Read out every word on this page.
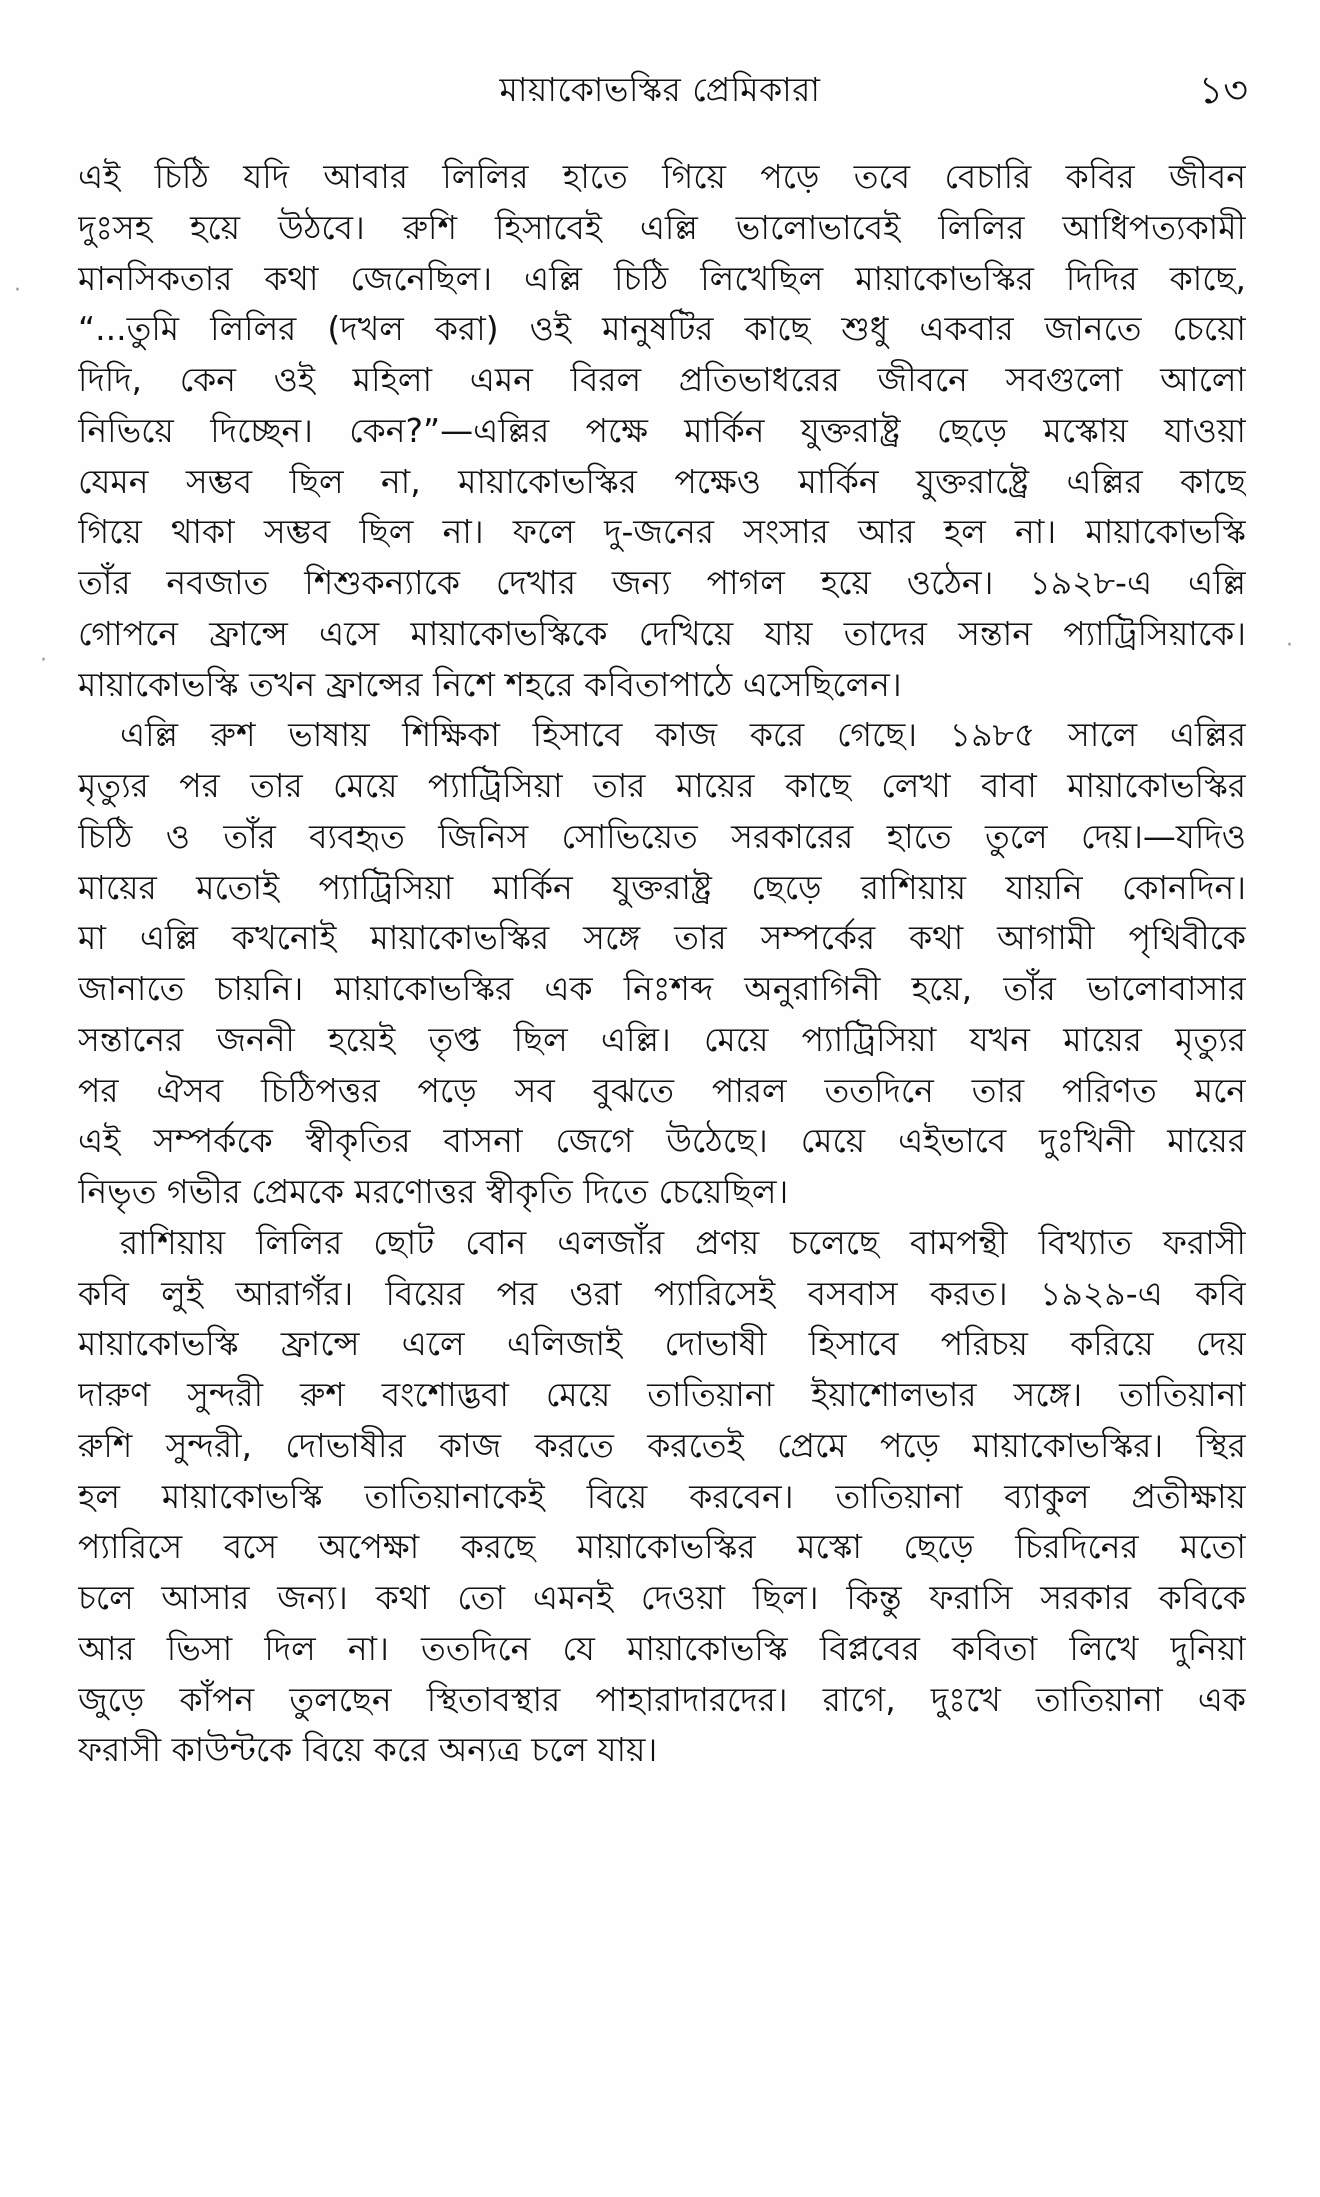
মায়াকোভস্কির প্রেমিকারা	১৩
·
·
·
এই চিঠি যদি আবার লিলির হাতে গিয়ে পড়ে তবে বেচারি কবির জীবন
দুঃসহ হয়ে উঠবে। রুশি হিসাবেই এল্লি ভালোভাবেই লিলির আধিপত্যকামী
মানসিকতার কথা জেনেছিল। এল্লি চিঠি লিখেছিল মায়াকোভস্কির দিদির কাছে,
“...তুমি লিলির (দখল করা) ওই মানুষটির কাছে শুধু একবার জানতে চেয়ো
দিদি, কেন ওই মহিলা এমন বিরল প্রতিভাধরের জীবনে সবগুলো আলো
নিভিয়ে দিচ্ছেন। কেন?”—এল্লির পক্ষে মার্কিন যুক্তরাষ্ট্র ছেড়ে মস্কোয় যাওয়া
যেমন সম্ভব ছিল না, মায়াকোভস্কির পক্ষেও মার্কিন যুক্তরাষ্ট্রে এল্লির কাছে
গিয়ে থাকা সম্ভব ছিল না। ফলে দু-জনের সংসার আর হল না। মায়াকোভস্কি
তাঁর নবজাত শিশুকন্যাকে দেখার জন্য পাগল হয়ে ওঠেন। ১৯২৮-এ এল্লি
গোপনে ফ্রান্সে এসে মায়াকোভস্কিকে দেখিয়ে যায় তাদের সন্তান প্যাট্রিসিয়াকে।
মায়াকোভস্কি তখন ফ্রান্সের নিশে শহরে কবিতাপাঠে এসেছিলেন।
এল্লি রুশ ভাষায় শিক্ষিকা হিসাবে কাজ করে গেছে। ১৯৮৫ সালে এল্লির
মৃত্যুর পর তার মেয়ে প্যাট্রিসিয়া তার মায়ের কাছে লেখা বাবা মায়াকোভস্কির
চিঠি ও তাঁর ব্যবহৃত জিনিস সোভিয়েত সরকারের হাতে তুলে দেয়।—যদিও
মায়ের মতোই প্যাট্রিসিয়া মার্কিন যুক্তরাষ্ট্র ছেড়ে রাশিয়ায় যায়নি কোনদিন।
মা এল্লি কখনোই মায়াকোভস্কির সঙ্গে তার সম্পর্কের কথা আগামী পৃথিবীকে
জানাতে চায়নি। মায়াকোভস্কির এক নিঃশব্দ অনুরাগিনী হয়ে, তাঁর ভালোবাসার
সন্তানের জননী হয়েই তৃপ্ত ছিল এল্লি। মেয়ে প্যাট্রিসিয়া যখন মায়ের মৃত্যুর
পর ঐসব চিঠিপত্তর পড়ে সব বুঝতে পারল ততদিনে তার পরিণত মনে
এই সম্পর্ককে স্বীকৃতির বাসনা জেগে উঠেছে। মেয়ে এইভাবে দুঃখিনী মায়ের
নিভৃত গভীর প্রেমকে মরণোত্তর স্বীকৃতি দিতে চেয়েছিল।
রাশিয়ায় লিলির ছোট বোন এলজাঁর প্রণয় চলেছে বামপন্থী বিখ্যাত ফরাসী
কবি লুই আরাগঁর। বিয়ের পর ওরা প্যারিসেই বসবাস করত। ১৯২৯-এ কবি
মায়াকোভস্কি ফ্রান্সে এলে এলিজাই দোভাষী হিসাবে পরিচয় করিয়ে দেয়
দারুণ সুন্দরী রুশ বংশোদ্ভবা মেয়ে তাতিয়ানা ইয়াশোলভার সঙ্গে। তাতিয়ানা
রুশি সুন্দরী, দোভাষীর কাজ করতে করতেই প্রেমে পড়ে মায়াকোভস্কির। স্থির
হল মায়াকোভস্কি তাতিয়ানাকেই বিয়ে করবেন। তাতিয়ানা ব্যাকুল প্রতীক্ষায়
প্যারিসে বসে অপেক্ষা করছে মায়াকোভস্কির মস্কো ছেড়ে চিরদিনের মতো
চলে আসার জন্য। কথা তো এমনই দেওয়া ছিল। কিন্তু ফরাসি সরকার কবিকে
আর ভিসা দিল না। ততদিনে যে মায়াকোভস্কি বিপ্লবের কবিতা লিখে দুনিয়া
জুড়ে কাঁপন তুলছেন স্থিতাবস্থার পাহারাদারদের। রাগে, দুঃখে তাতিয়ানা এক
ফরাসী কাউন্টকে বিয়ে করে অন্যত্র চলে যায়।
